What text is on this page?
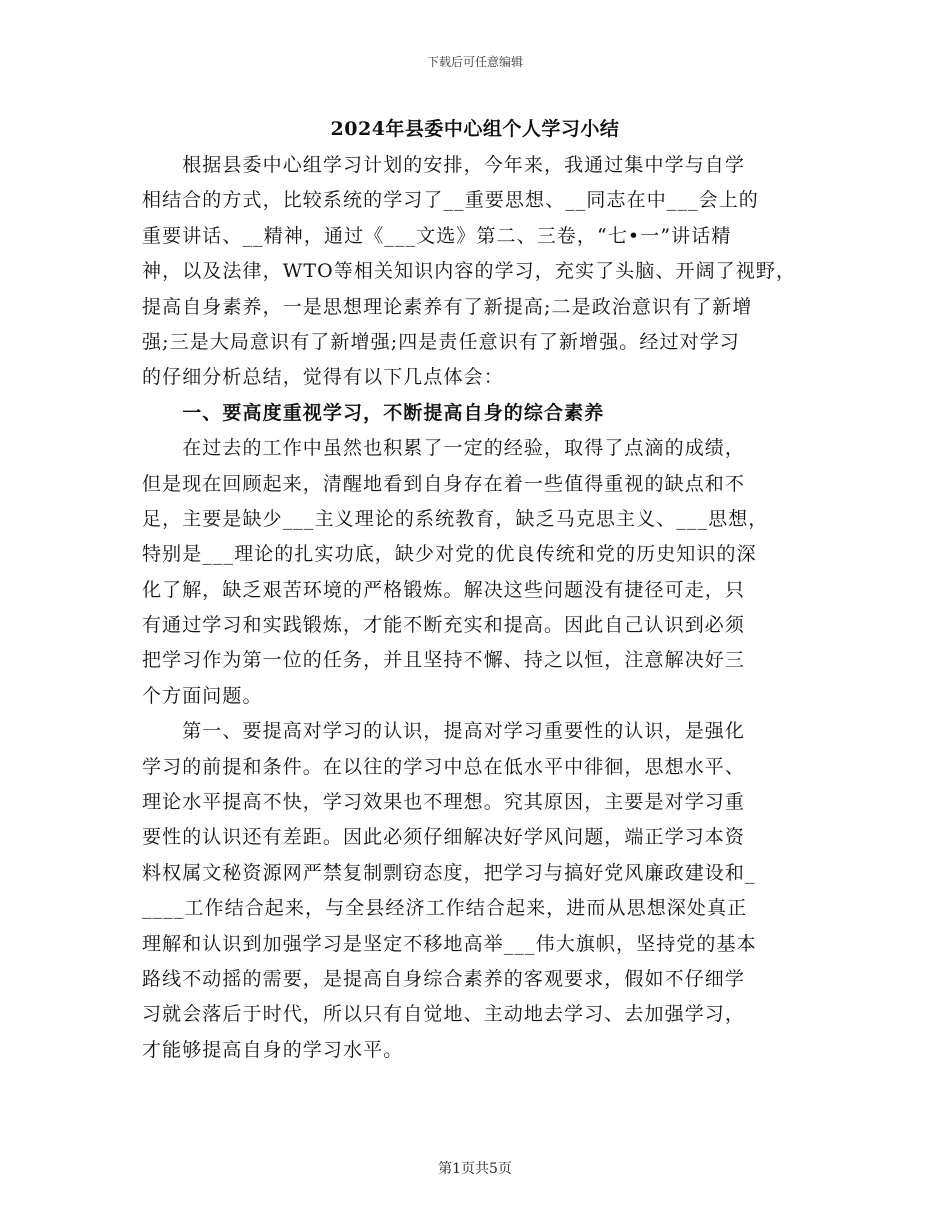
下载后可任意编辑
2024年县委中心组个人学习小结
　　根据县委中心组学习计划的安排，今年来，我通过集中学与自学
相结合的方式，比较系统的学习了__重要思想、__同志在中___会上的
重要讲话、__精神，通过《___文选》第二、三卷，“七•一”讲话精
神，以及法律，WTO等相关知识内容的学习，充实了头脑、开阔了视野，
提高自身素养，一是思想理论素养有了新提高;二是政治意识有了新增
强;三是大局意识有了新增强;四是责任意识有了新增强。经过对学习
的仔细分析总结，觉得有以下几点体会：
　　一、要高度重视学习，不断提高自身的综合素养
　　在过去的工作中虽然也积累了一定的经验，取得了点滴的成绩，
但是现在回顾起来，清醒地看到自身存在着一些值得重视的缺点和不
足，主要是缺少___主义理论的系统教育，缺乏马克思主义、___思想，
特别是___理论的扎实功底，缺少对党的优良传统和党的历史知识的深
化了解，缺乏艰苦环境的严格锻炼。解决这些问题没有捷径可走，只
有通过学习和实践锻炼，才能不断充实和提高。因此自己认识到必须
把学习作为第一位的任务，并且坚持不懈、持之以恒，注意解决好三
个方面问题。
　　第一、要提高对学习的认识，提高对学习重要性的认识，是强化
学习的前提和条件。在以往的学习中总在低水平中徘徊，思想水平、
理论水平提高不快，学习效果也不理想。究其原因，主要是对学习重
要性的认识还有差距。因此必须仔细解决好学风问题，端正学习本资
料权属文秘资源网严禁复制剽窃态度，把学习与搞好党风廉政建设和_
____工作结合起来，与全县经济工作结合起来，进而从思想深处真正
理解和认识到加强学习是坚定不移地高举___伟大旗帜，坚持党的基本
路线不动摇的需要，是提高自身综合素养的客观要求，假如不仔细学
习就会落后于时代，所以只有自觉地、主动地去学习、去加强学习，
才能够提高自身的学习水平。
第1页共5页
